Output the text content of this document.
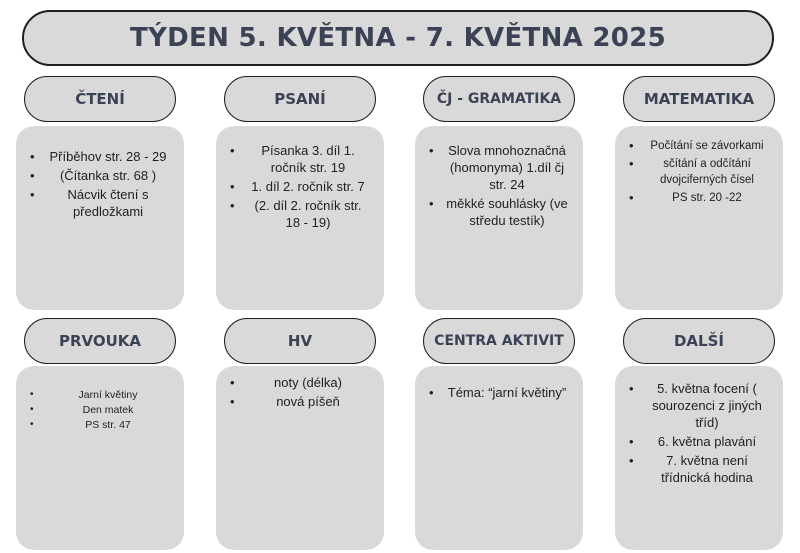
TÝDEN 5. KVĚTNA - 7. KVĚTNA 2025
• Příběhov str. 28 - 29
• (Čítanka str. 68 )
• Nácvik čtení s předložkami
ČTENÍ
• Písanka 3. díl 1. ročník str. 19
• 1. díl 2. ročník str. 7
• (2. díl 2. ročník str. 18 - 19)
PSANÍ
• Slova mnohoznačná (homonyma) 1.díl čj str. 24
• měkké souhlásky (ve středu testík)
ČJ - GRAMATIKA
• Počítání se závorkami
• sčítání a odčítání dvojciferných čísel
• PS str. 20 -22
MATEMATIKA
• Jarní květiny
• Den matek
• PS str. 47
PRVOUKA
• noty (délka)
• nová píšeň
HV
• Téma: “jarní květiny”
CENTRA AKTIVIT
• 5. května focení ( sourozenci z jiných tříd)
• 6. května plavání
• 7. května není třídnická hodina
DALŠÍ
